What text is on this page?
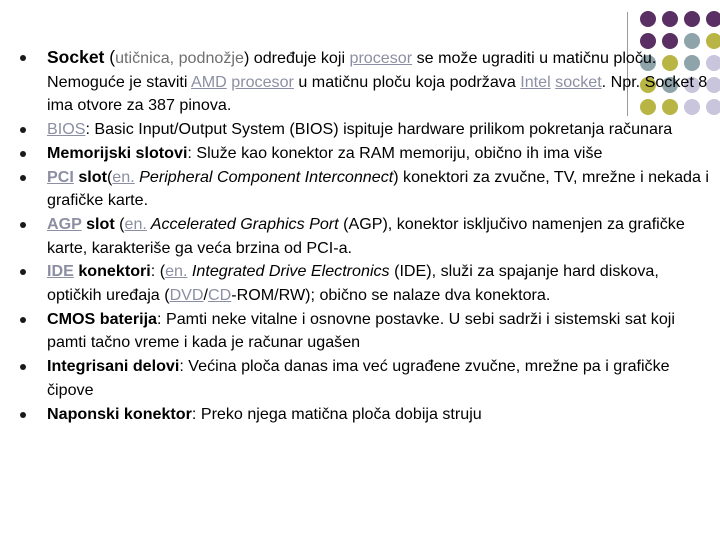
Socket (utičnica, podnožje) određuje koji procesor se može ugraditi u matičnu ploču. Nemoguće je staviti AMD procesor u matičnu ploču koja podržava Intel socket. Npr. Socket 8 ima otvore za 387 pinova.
BIOS: Basic Input/Output System (BIOS) ispituje hardware prilikom pokretanja računara
Memorijski slotovi: Služe kao konektor za RAM memoriju, obično ih ima više
PCI slot(en. Peripheral Component Interconnect) konektori za zvučne, TV, mrežne i nekada i grafičke karte.
AGP slot (en. Accelerated Graphics Port (AGP), konektor isključivo namenjen za grafičke karte, karakteriše ga veća brzina od PCI-a.
IDE konektori: (en. Integrated Drive Electronics (IDE), služi za spajanje hard diskova, optičkih uređaja (DVD/CD-ROM/RW); obično se nalaze dva konektora.
CMOS baterija: Pamti neke vitalne i osnovne postavke. U sebi sadrži i sistemski sat koji pamti tačno vreme i kada je računar ugašen
Integrisani delovi: Većina ploča danas ima već ugrađene zvučne, mrežne pa i grafičke čipove
Naponski konektor: Preko njega matična ploča dobija struju
